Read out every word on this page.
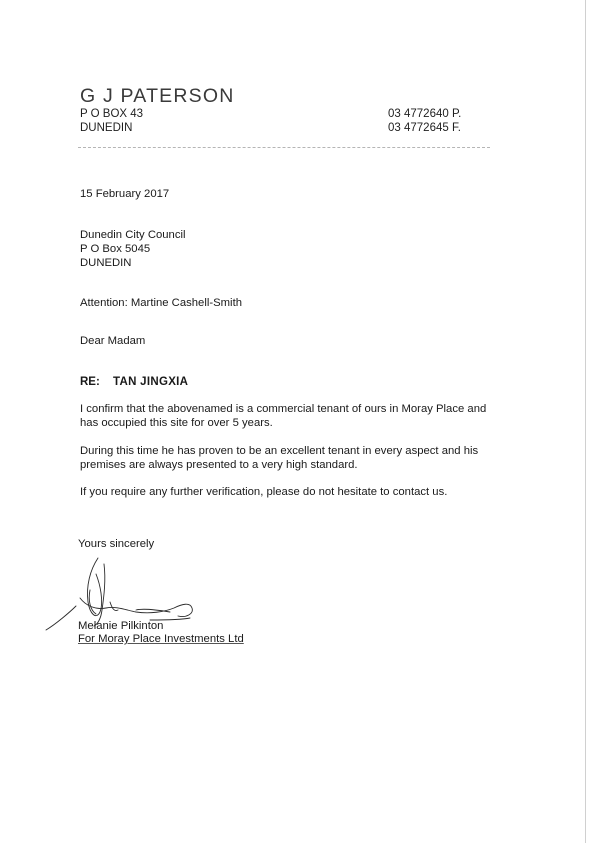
G J PATERSON
P O BOX 43
DUNEDIN
03 4772640 P.
03 4772645 F.
15 February 2017
Dunedin City Council
P O Box 5045
DUNEDIN
Attention: Martine Cashell-Smith
Dear Madam
RE: TAN JINGXIA
I confirm that the abovenamed is a commercial tenant of ours in Moray Place and has occupied this site for over 5 years.
During this time he has proven to be an excellent tenant in every aspect and his premises are always presented to a very high standard.
If you require any further verification, please do not hesitate to contact us.
Yours sincerely
Melanie Pilkinton
For Moray Place Investments Ltd
